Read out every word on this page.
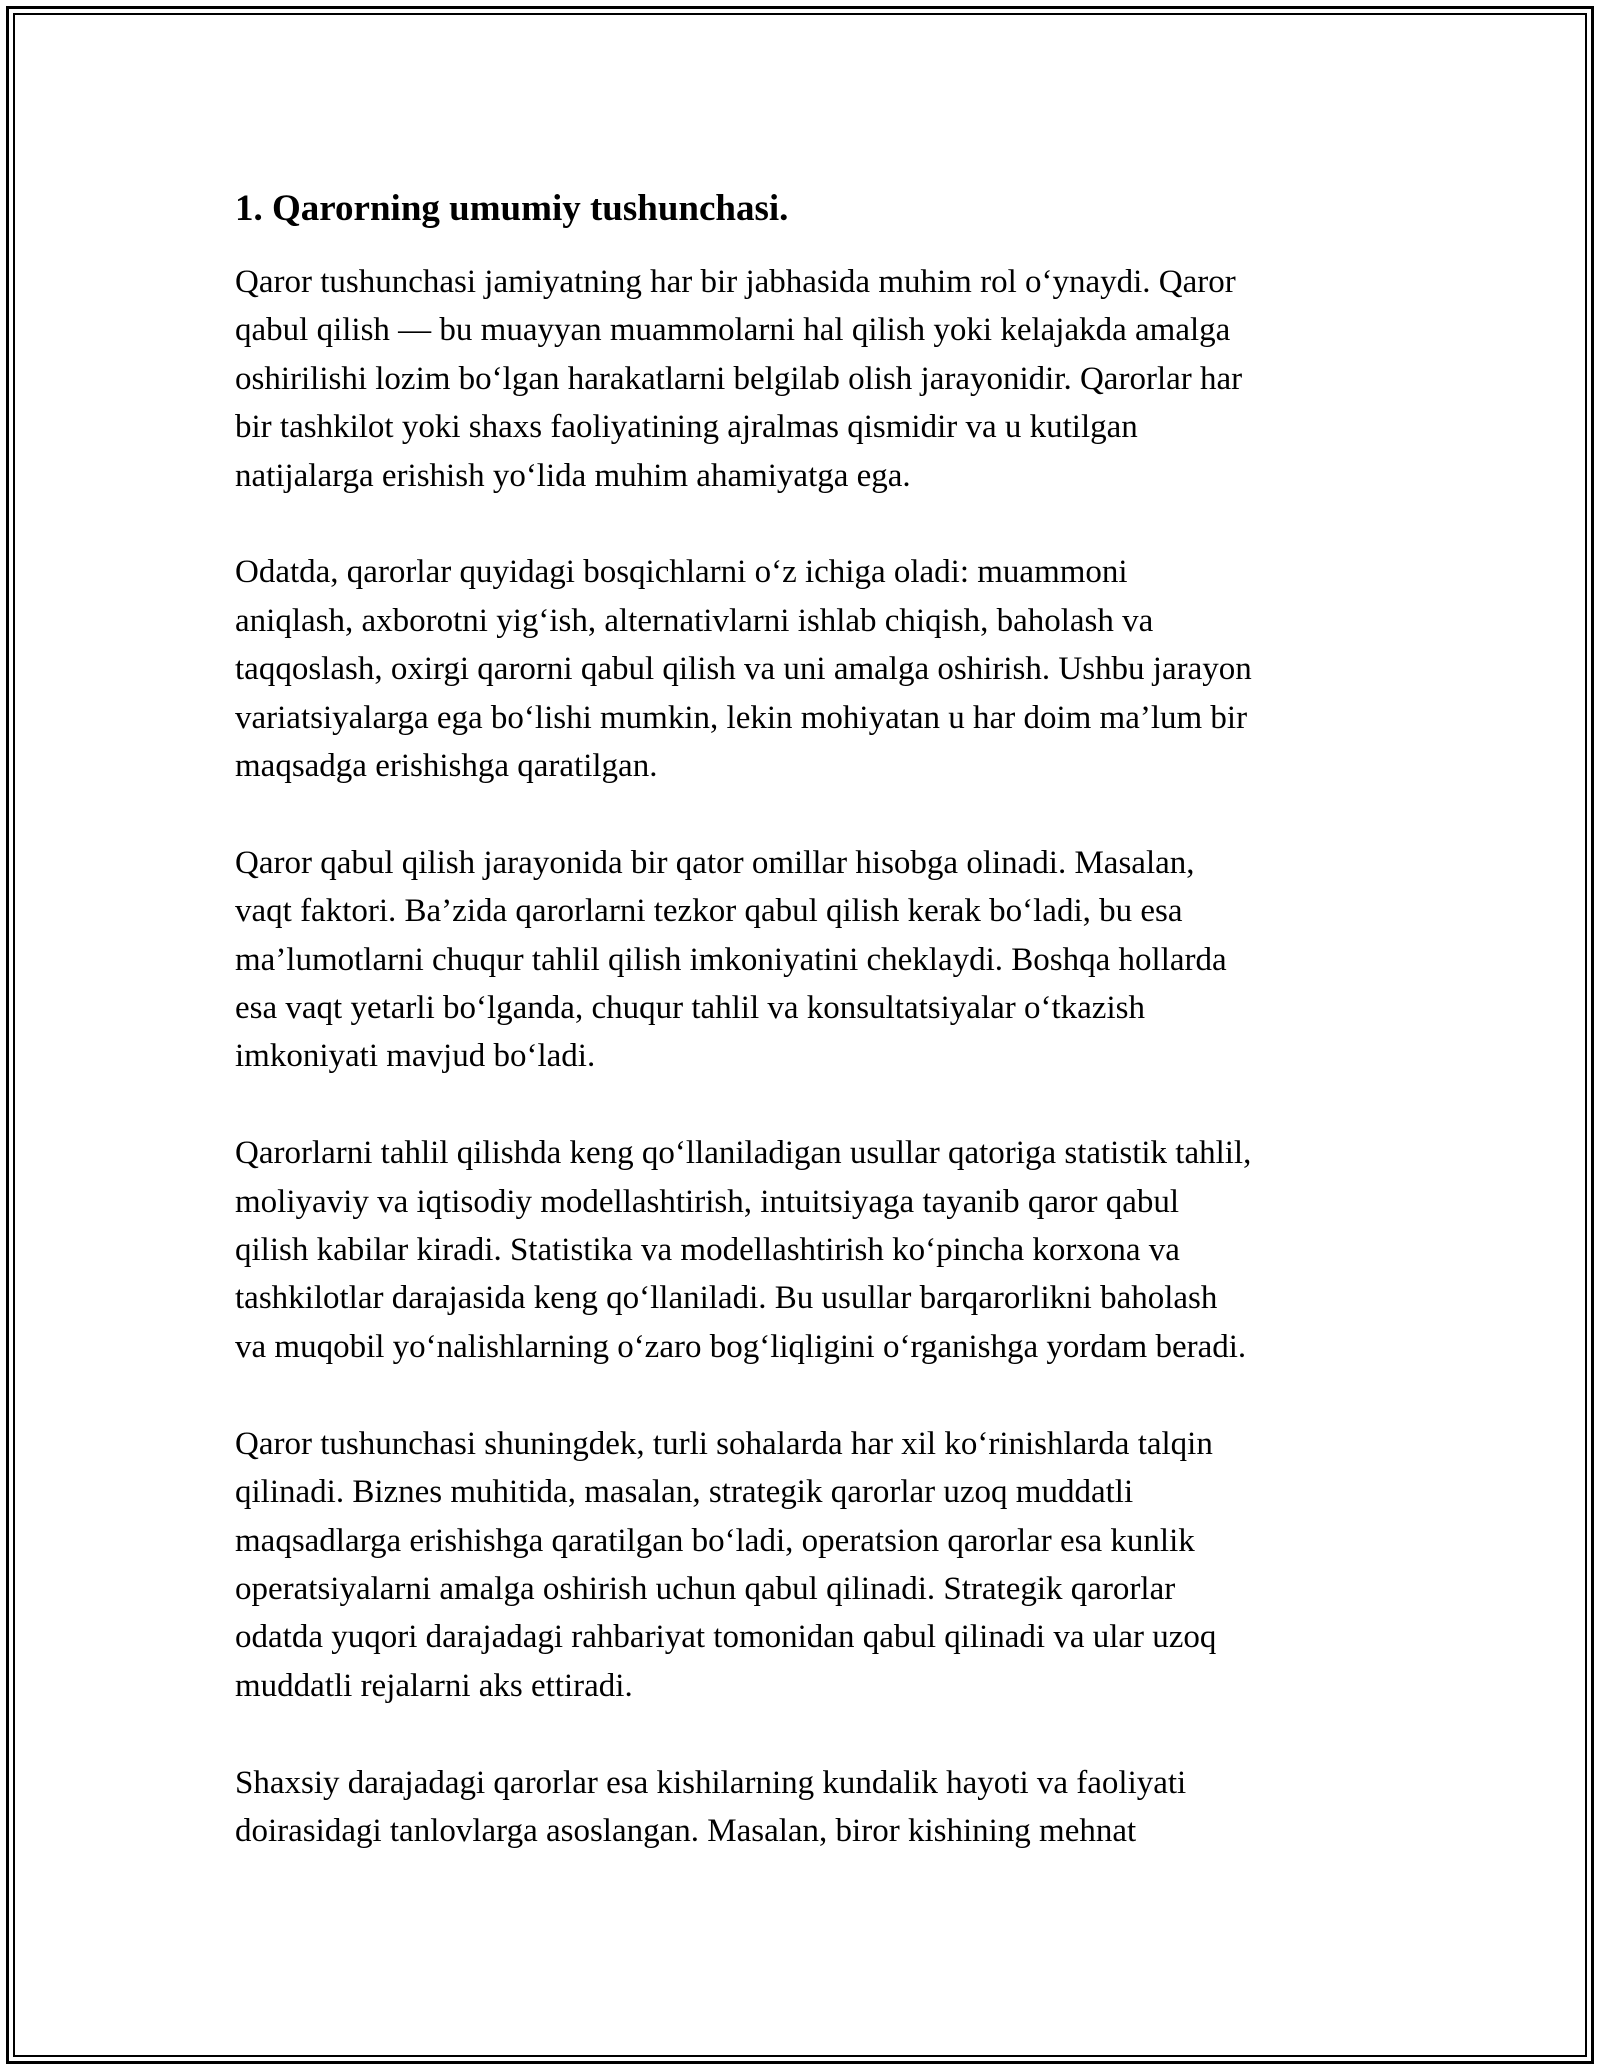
1. Qarorning umumiy tushunchasi.

Qaror tushunchasi jamiyatning har bir jabhasida muhim rol o‘ynaydi. Qaror
qabul qilish — bu muayyan muammolarni hal qilish yoki kelajakda amalga
oshirilishi lozim bo‘lgan harakatlarni belgilab olish jarayonidir. Qarorlar har
bir tashkilot yoki shaxs faoliyatining ajralmas qismidir va u kutilgan
natijalarga erishish yo‘lida muhim ahamiyatga ega.

Odatda, qarorlar quyidagi bosqichlarni o‘z ichiga oladi: muammoni
aniqlash, axborotni yig‘ish, alternativlarni ishlab chiqish, baholash va
taqqoslash, oxirgi qarorni qabul qilish va uni amalga oshirish. Ushbu jarayon
variatsiyalarga ega bo‘lishi mumkin, lekin mohiyatan u har doim ma’lum bir
maqsadga erishishga qaratilgan.

Qaror qabul qilish jarayonida bir qator omillar hisobga olinadi. Masalan,
vaqt faktori. Ba’zida qarorlarni tezkor qabul qilish kerak bo‘ladi, bu esa
ma’lumotlarni chuqur tahlil qilish imkoniyatini cheklaydi. Boshqa hollarda
esa vaqt yetarli bo‘lganda, chuqur tahlil va konsultatsiyalar o‘tkazish
imkoniyati mavjud bo‘ladi.

Qarorlarni tahlil qilishda keng qo‘llaniladigan usullar qatoriga statistik tahlil,
moliyaviy va iqtisodiy modellashtirish, intuitsiyaga tayanib qaror qabul
qilish kabilar kiradi. Statistika va modellashtirish ko‘pincha korxona va
tashkilotlar darajasida keng qo‘llaniladi. Bu usullar barqarorlikni baholash
va muqobil yo‘nalishlarning o‘zaro bog‘liqligini o‘rganishga yordam beradi.

Qaror tushunchasi shuningdek, turli sohalarda har xil ko‘rinishlarda talqin
qilinadi. Biznes muhitida, masalan, strategik qarorlar uzoq muddatli
maqsadlarga erishishga qaratilgan bo‘ladi, operatsion qarorlar esa kunlik
operatsiyalarni amalga oshirish uchun qabul qilinadi. Strategik qarorlar
odatda yuqori darajadagi rahbariyat tomonidan qabul qilinadi va ular uzoq
muddatli rejalarni aks ettiradi.

Shaxsiy darajadagi qarorlar esa kishilarning kundalik hayoti va faoliyati
doirasidagi tanlovlarga asoslangan. Masalan, biror kishining mehnat
